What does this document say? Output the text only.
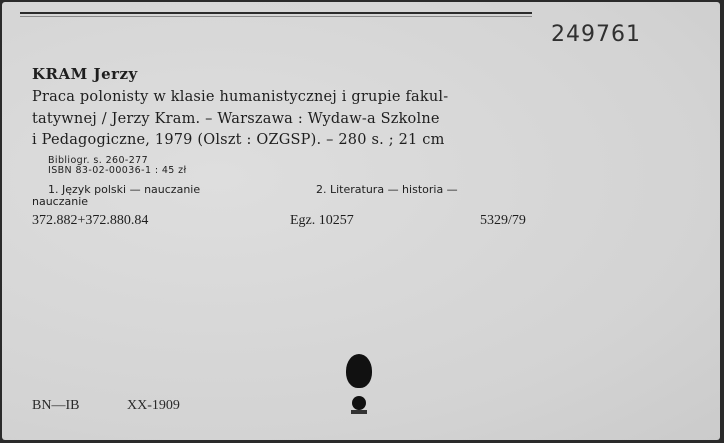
249761
KRAM Jerzy
Praca polonisty w klasie humanistycznej i grupie fakul-
tatywnej / Jerzy Kram. – Warszawa : Wydaw-a Szkolne
i Pedagogiczne, 1979 (Olszt : OZGSP). – 280 s. ; 21 cm
Bibliogr. s. 260-277
ISBN 83-02-00036-1 : 45 zł
1. Język polski — nauczanie	2. Literatura — historia —
nauczanie
372.882+372.880.84	Egz. 10257	5329/79
BN—IB	XX-1909
